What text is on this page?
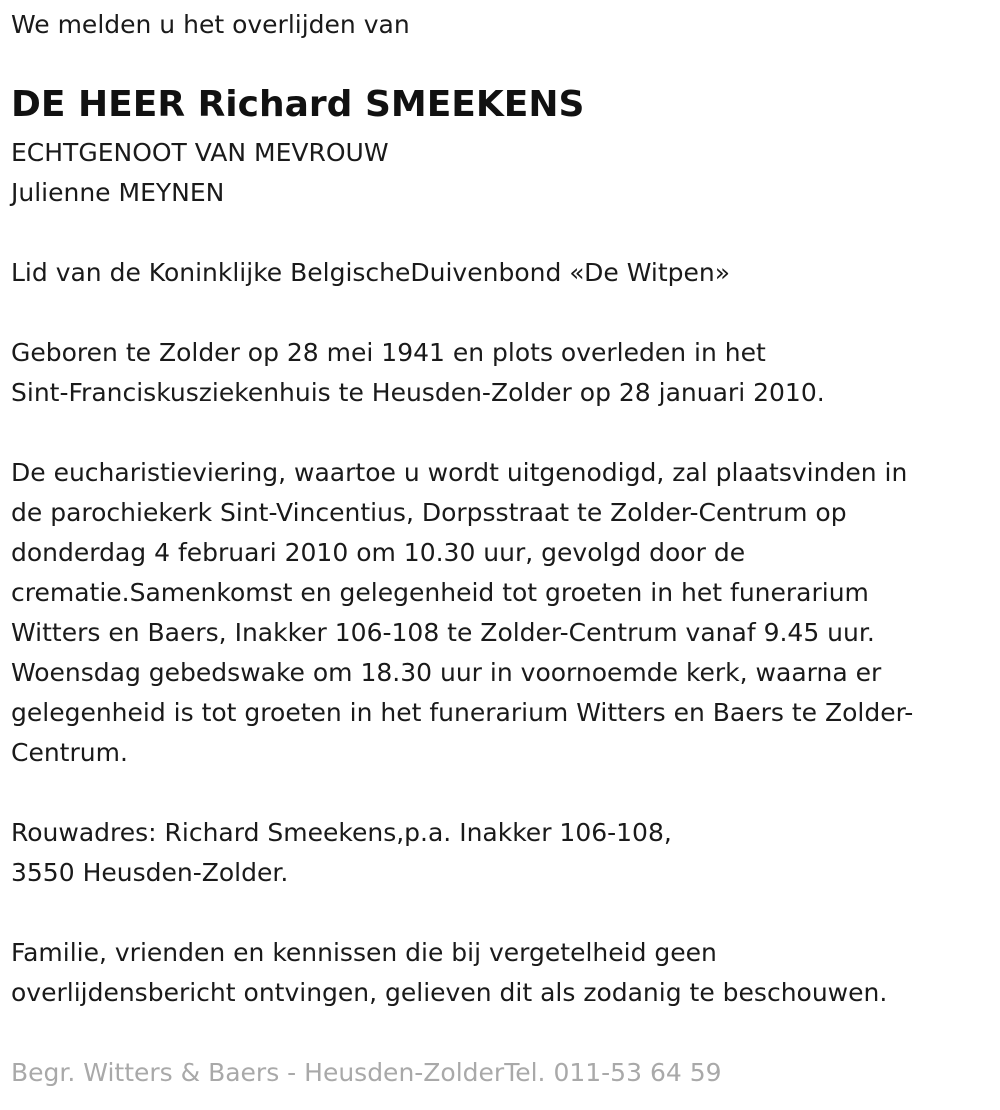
We melden u het overlijden van

DE HEER Richard SMEEKENS

ECHTGENOOT VAN MEVROUW

Julienne MEYNEN

Lid van de Koninklijke BelgischeDuivenbond «De Witpen»

Geboren te Zolder op 28 mei 1941 en plots overleden in het

Sint-Franciskusziekenhuis te Heusden-Zolder op 28 januari 2010.

De eucharistieviering, waartoe u wordt uitgenodigd, zal plaatsvinden in

de parochiekerk Sint-Vincentius, Dorpsstraat te Zolder-Centrum op

donderdag 4 februari 2010 om 10.30 uur, gevolgd door de

crematie.Samenkomst en gelegenheid tot groeten in het funerarium

Witters en Baers, Inakker 106-108 te Zolder-Centrum vanaf 9.45 uur.

Woensdag gebedswake om 18.30 uur in voornoemde kerk, waarna er

gelegenheid is tot groeten in het funerarium Witters en Baers te Zolder-

Centrum.

Rouwadres: Richard Smeekens,p.a. Inakker 106-108,

3550 Heusden-Zolder.

Familie, vrienden en kennissen die bij vergetelheid geen

overlijdensbericht ontvingen, gelieven dit als zodanig te beschouwen.

Begr. Witters & Baers - Heusden-ZolderTel. 011-53 64 59
